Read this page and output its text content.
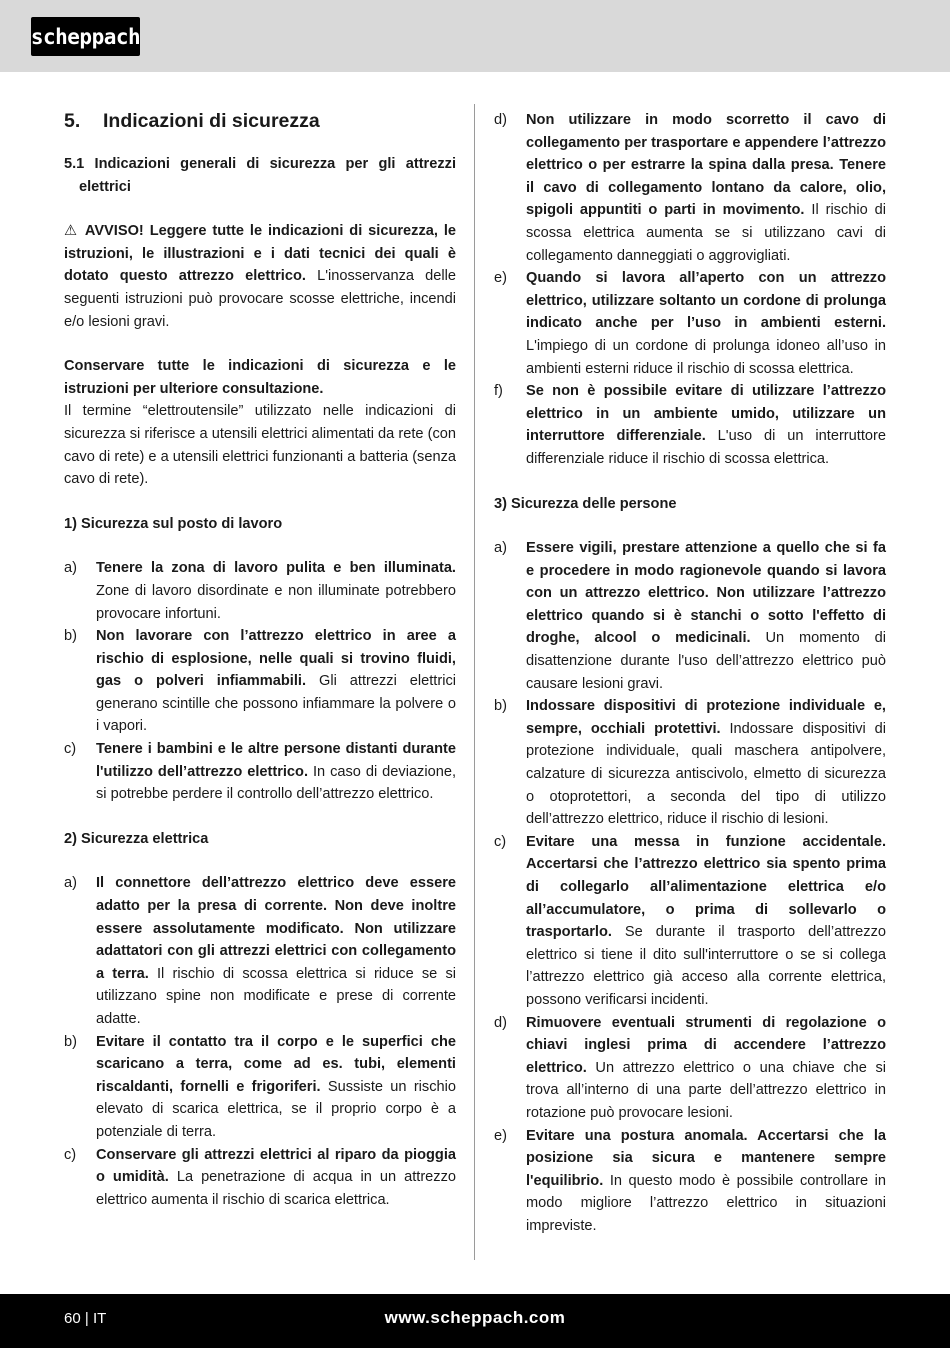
scheppach
5.	Indicazioni di sicurezza

5.1 Indicazioni generali di sicurezza per gli attrezzi elettrici

⚠ AVVISO! Leggere tutte le indicazioni di sicurezza, le istruzioni, le illustrazioni e i dati tecnici dei quali è dotato questo attrezzo elettrico. L'inosservanza delle seguenti istruzioni può provocare scosse elettriche, incendi e/o lesioni gravi.

Conservare tutte le indicazioni di sicurezza e le istruzioni per ulteriore consultazione.

Il termine “elettroutensile” utilizzato nelle indicazioni di sicurezza si riferisce a utensili elettrici alimentati da rete (con cavo di rete) e a utensili elettrici funzionanti a batteria (senza cavo di rete).

1) Sicurezza sul posto di lavoro

a)	Tenere la zona di lavoro pulita e ben illuminata. Zone di lavoro disordinate e non illuminate potrebbero provocare infortuni.
b)	Non lavorare con l’attrezzo elettrico in aree a rischio di esplosione, nelle quali si trovino fluidi, gas o polveri infiammabili. Gli attrezzi elettrici generano scintille che possono infiammare la polvere o i vapori.
c)	Tenere i bambini e le altre persone distanti durante l'utilizzo dell’attrezzo elettrico. In caso di deviazione, si potrebbe perdere il controllo dell’attrezzo elettrico.

2) Sicurezza elettrica

a)	Il connettore dell’attrezzo elettrico deve essere adatto per la presa di corrente. Non deve inoltre essere assolutamente modificato. Non utilizzare adattatori con gli attrezzi elettrici con collegamento a terra. Il rischio di scossa elettrica si riduce se si utilizzano spine non modificate e prese di corrente adatte.
b)	Evitare il contatto tra il corpo e le superfici che scaricano a terra, come ad es. tubi, elementi riscaldanti, fornelli e frigoriferi. Sussiste un rischio elevato di scarica elettrica, se il proprio corpo è a potenziale di terra.
c)	Conservare gli attrezzi elettrici al riparo da pioggia o umidità. La penetrazione di acqua in un attrezzo elettrico aumenta il rischio di scarica elettrica.
d)	Non utilizzare in modo scorretto il cavo di collegamento per trasportare e appendere l’attrezzo elettrico o per estrarre la spina dalla presa. Tenere il cavo di collegamento lontano da calore, olio, spigoli appuntiti o parti in movimento. Il rischio di scossa elettrica aumenta se si utilizzano cavi di collegamento danneggiati o aggrovigliati.
e)	Quando si lavora all’aperto con un attrezzo elettrico, utilizzare soltanto un cordone di prolunga indicato anche per l’uso in ambienti esterni. L'impiego di un cordone di prolunga idoneo all’uso in ambienti esterni riduce il rischio di scossa elettrica.
f)	Se non è possibile evitare di utilizzare l’attrezzo elettrico in un ambiente umido, utilizzare un interruttore differenziale. L'uso di un interruttore differenziale riduce il rischio di scossa elettrica.

3) Sicurezza delle persone

a)	Essere vigili, prestare attenzione a quello che si fa e procedere in modo ragionevole quando si lavora con un attrezzo elettrico. Non utilizzare l’attrezzo elettrico quando si è stanchi o sotto l'effetto di droghe, alcool o medicinali. Un momento di disattenzione durante l'uso dell’attrezzo elettrico può causare lesioni gravi.
b)	Indossare dispositivi di protezione individuale e, sempre, occhiali protettivi. Indossare dispositivi di protezione individuale, quali maschera antipolvere, calzature di sicurezza antiscivolo, elmetto di sicurezza o otoprotettori, a seconda del tipo di utilizzo dell’attrezzo elettrico, riduce il rischio di lesioni.
c)	Evitare una messa in funzione accidentale. Accertarsi che l’attrezzo elettrico sia spento prima di collegarlo all’alimentazione elettrica e/o all’accumulatore, o prima di sollevarlo o trasportarlo. Se durante il trasporto dell’attrezzo elettrico si tiene il dito sull'interruttore o se si collega l’attrezzo elettrico già acceso alla corrente elettrica, possono verificarsi incidenti.
d)	Rimuovere eventuali strumenti di regolazione o chiavi inglesi prima di accendere l’attrezzo elettrico. Un attrezzo elettrico o una chiave che si trova all’interno di una parte dell’attrezzo elettrico in rotazione può provocare lesioni.
e)	Evitare una postura anomala. Accertarsi che la posizione sia sicura e mantenere sempre l'equilibrio. In questo modo è possibile controllare in modo migliore l’attrezzo elettrico in situazioni impreviste.
60 | IT	www.scheppach.com
